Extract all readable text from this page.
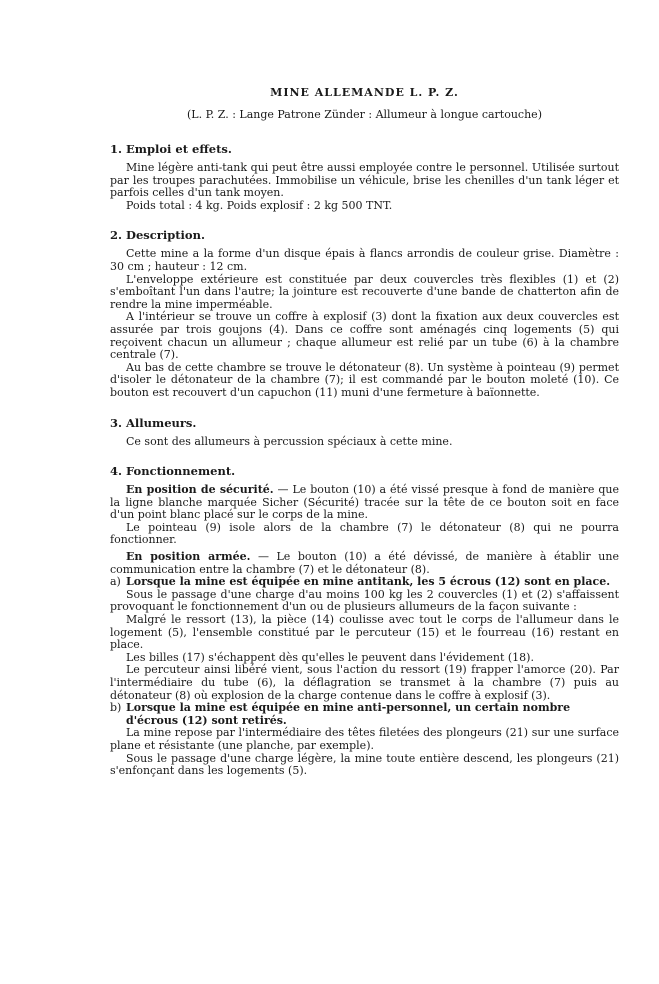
MINE ALLEMANDE L. P. Z.
(L. P. Z. : Lange Patrone Zünder : Allumeur à longue cartouche)
1. Emploi et effets.

Mine légère anti-tank qui peut être aussi employée contre le personnel. Utilisée surtout par les troupes parachutées. Immobilise un véhicule, brise les chenilles d'un tank léger et parfois celles d'un tank moyen.

Poids total : 4 kg. Poids explosif : 2 kg 500 TNT.

2. Description.

Cette mine a la forme d'un disque épais à flancs arrondis de couleur grise. Diamètre : 30 cm ; hauteur : 12 cm.

L'enveloppe extérieure est constituée par deux couvercles très flexibles (1) et (2) s'emboîtant l'un dans l'autre; la jointure est recouverte d'une bande de chatterton afin de rendre la mine imperméable.

A l'intérieur se trouve un coffre à explosif (3) dont la fixation aux deux couvercles est assurée par trois goujons (4). Dans ce coffre sont aménagés cinq logements (5) qui reçoivent chacun un allumeur ; chaque allumeur est relié par un tube (6) à la chambre centrale (7).

Au bas de cette chambre se trouve le détonateur (8). Un système à pointeau (9) permet d'isoler le détonateur de la chambre (7); il est commandé par le bouton moleté (10). Ce bouton est recouvert d'un capuchon (11) muni d'une fermeture à baïonnette.

3. Allumeurs.

Ce sont des allumeurs à percussion spéciaux à cette mine.

4. Fonctionnement.

En position de sécurité. — Le bouton (10) a été vissé presque à fond de manière que la ligne blanche marquée Sicher (Sécurité) tracée sur la tête de ce bouton soit en face d'un point blanc placé sur le corps de la mine.

Le pointeau (9) isole alors de la chambre (7) le détonateur (8) qui ne pourra fonctionner.

En position armée. — Le bouton (10) a été dévissé, de manière à établir une communication entre la chambre (7) et le détonateur (8).

a) Lorsque la mine est équipée en mine antitank, les 5 écrous (12) sont en place.

Sous le passage d'une charge d'au moins 100 kg les 2 couvercles (1) et (2) s'affaissent provoquant le fonctionnement d'un ou de plusieurs allumeurs de la façon suivante :

Malgré le ressort (13), la pièce (14) coulisse avec tout le corps de l'allumeur dans le logement (5), l'ensemble constitué par le percuteur (15) et le fourreau (16) restant en place.

Les billes (17) s'échappent dès qu'elles le peuvent dans l'évidement (18).

Le percuteur ainsi libéré vient, sous l'action du ressort (19) frapper l'amorce (20). Par l'intermédiaire du tube (6), la déflagration se transmet à la chambre (7) puis au détonateur (8) où explosion de la charge contenue dans le coffre à explosif (3).

b) Lorsque la mine est équipée en mine anti-personnel, un certain nombre d'écrous (12) sont retirés.

La mine repose par l'intermédiaire des têtes filetées des plongeurs (21) sur une surface plane et résistante (une planche, par exemple).

Sous le passage d'une charge légère, la mine toute entière descend, les plongeurs (21) s'enfonçant dans les logements (5).
